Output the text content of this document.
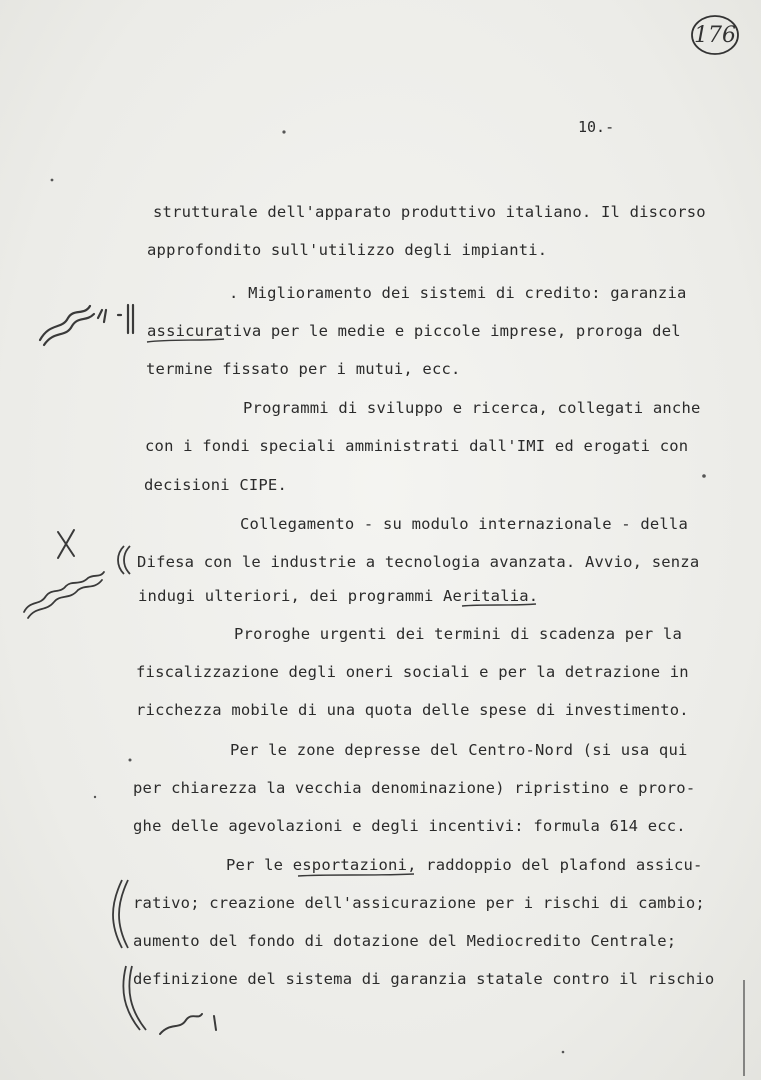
176
10.-
strutturale dell'apparato produttivo italiano. Il discorso
approfondito sull'utilizzo degli impianti.
. Miglioramento dei sistemi di credito: garanzia
assicurativa per le medie e piccole imprese, proroga del
termine fissato per i mutui, ecc.
Programmi di sviluppo e ricerca, collegati anche
con i fondi speciali amministrati dall'IMI ed erogati con
decisioni CIPE.
Collegamento - su modulo internazionale - della
Difesa con le industrie a tecnologia avanzata. Avvio, senza
indugi ulteriori, dei programmi Aeritalia.
Proroghe urgenti dei termini di scadenza per la
fiscalizzazione degli oneri sociali e per la detrazione in
ricchezza mobile di una quota delle spese di investimento.
Per le zone depresse del Centro-Nord (si usa qui
per chiarezza la vecchia denominazione) ripristino e proro-
ghe delle agevolazioni e degli incentivi: formula 614 ecc.
Per le esportazioni, raddoppio del plafond assicu-
rativo; creazione dell'assicurazione per i rischi di cambio;
aumento del fondo di dotazione del Mediocredito Centrale;
definizione del sistema di garanzia statale contro il rischio
